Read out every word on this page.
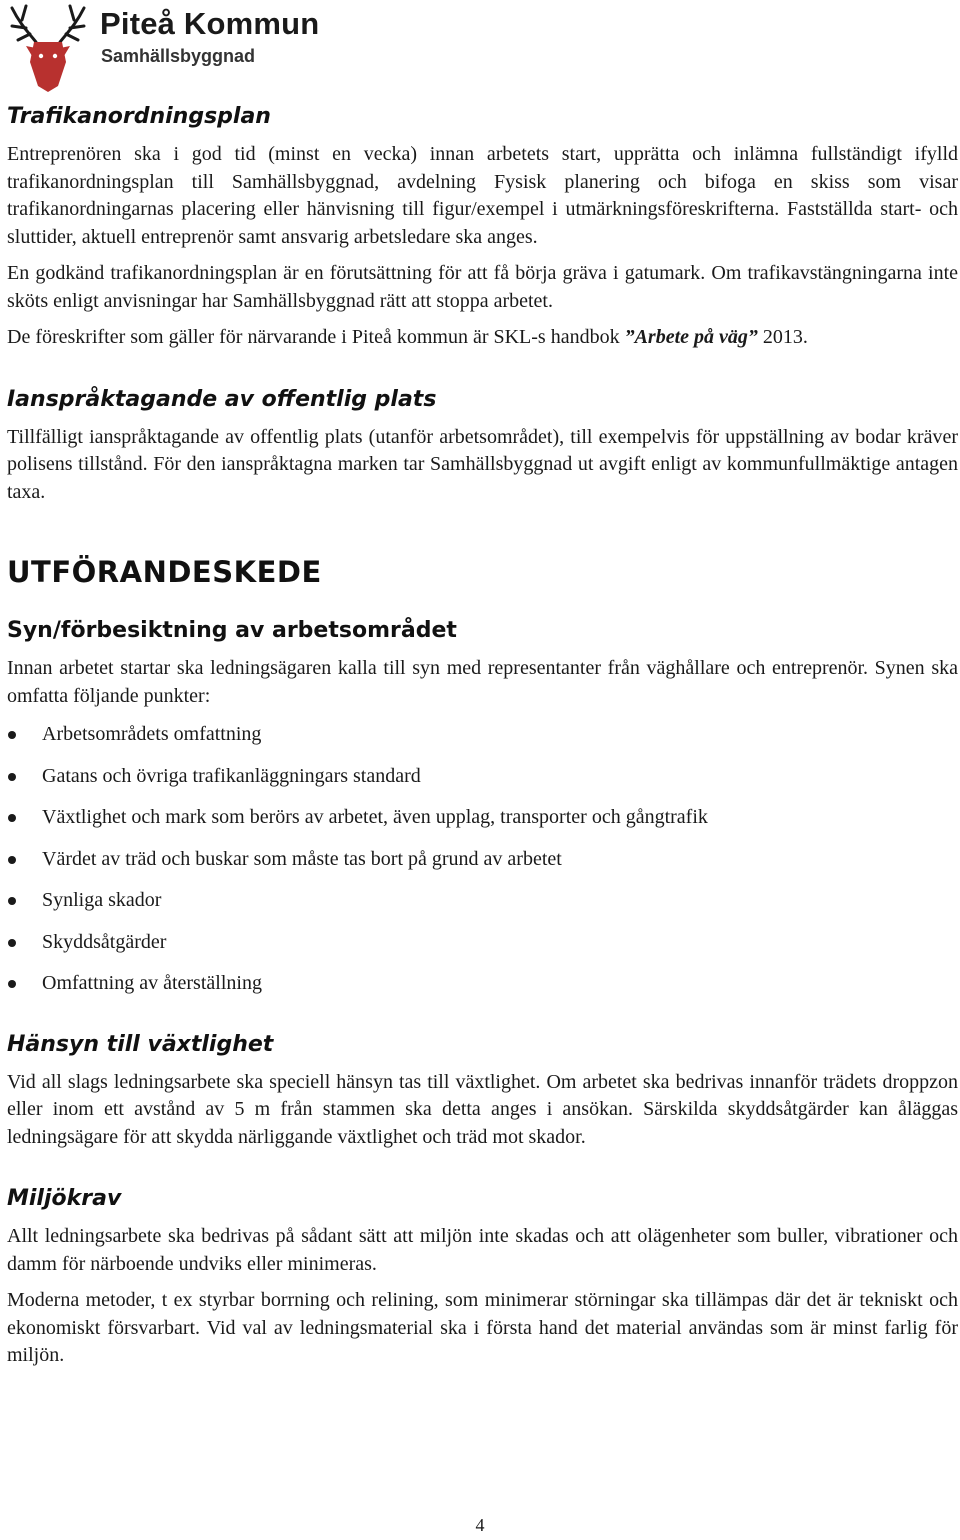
Piteå Kommun
Samhällsbyggnad
Trafikanordningsplan

Entreprenören ska i god tid (minst en vecka) innan arbetets start, upprätta och inlämna fullständigt ifylld trafikanordningsplan till Samhällsbyggnad, avdelning Fysisk planering och bifoga en skiss som visar trafikanordningarnas placering eller hänvisning till figur/exempel i utmärkningsföreskrifterna. Fastställda start- och sluttider, aktuell entreprenör samt ansvarig arbetsledare ska anges.

En godkänd trafikanordningsplan är en förutsättning för att få börja gräva i gatumark. Om trafikavstängningarna inte sköts enligt anvisningar har Samhällsbyggnad rätt att stoppa arbetet.

De föreskrifter som gäller för närvarande i Piteå kommun är SKL-s handbok ”Arbete på väg” 2013.

Ianspråktagande av offentlig plats

Tillfälligt ianspråktagande av offentlig plats (utanför arbetsområdet), till exempelvis för uppställning av bodar kräver polisens tillstånd. För den ianspråktagna marken tar Samhällsbyggnad ut avgift enligt av kommunfullmäktige antagen taxa.

UTFÖRANDESKEDE
Syn/förbesiktning av arbetsområdet

Innan arbetet startar ska ledningsägaren kalla till syn med representanter från väghållare och entreprenör. Synen ska omfatta följande punkter:

Arbetsområdets omfattning
Gatans och övriga trafikanläggningars standard
Växtlighet och mark som berörs av arbetet, även upplag, transporter och gångtrafik
Värdet av träd och buskar som måste tas bort på grund av arbetet
Synliga skador
Skyddsåtgärder
Omfattning av återställning
Hänsyn till växtlighet

Vid all slags ledningsarbete ska speciell hänsyn tas till växtlighet. Om arbetet ska bedrivas innanför trädets droppzon eller inom ett avstånd av 5 m från stammen ska detta anges i ansökan. Särskilda skyddsåtgärder kan åläggas ledningsägare för att skydda närliggande växtlighet och träd mot skador.

Miljökrav

Allt ledningsarbete ska bedrivas på sådant sätt att miljön inte skadas och att olägenheter som buller, vibrationer och damm för närboende undviks eller minimeras.

Moderna metoder, t ex styrbar borrning och relining, som minimerar störningar ska tillämpas där det är tekniskt och ekonomiskt försvarbart. Vid val av ledningsmaterial ska i första hand det material användas som är minst farlig för miljön.

4
